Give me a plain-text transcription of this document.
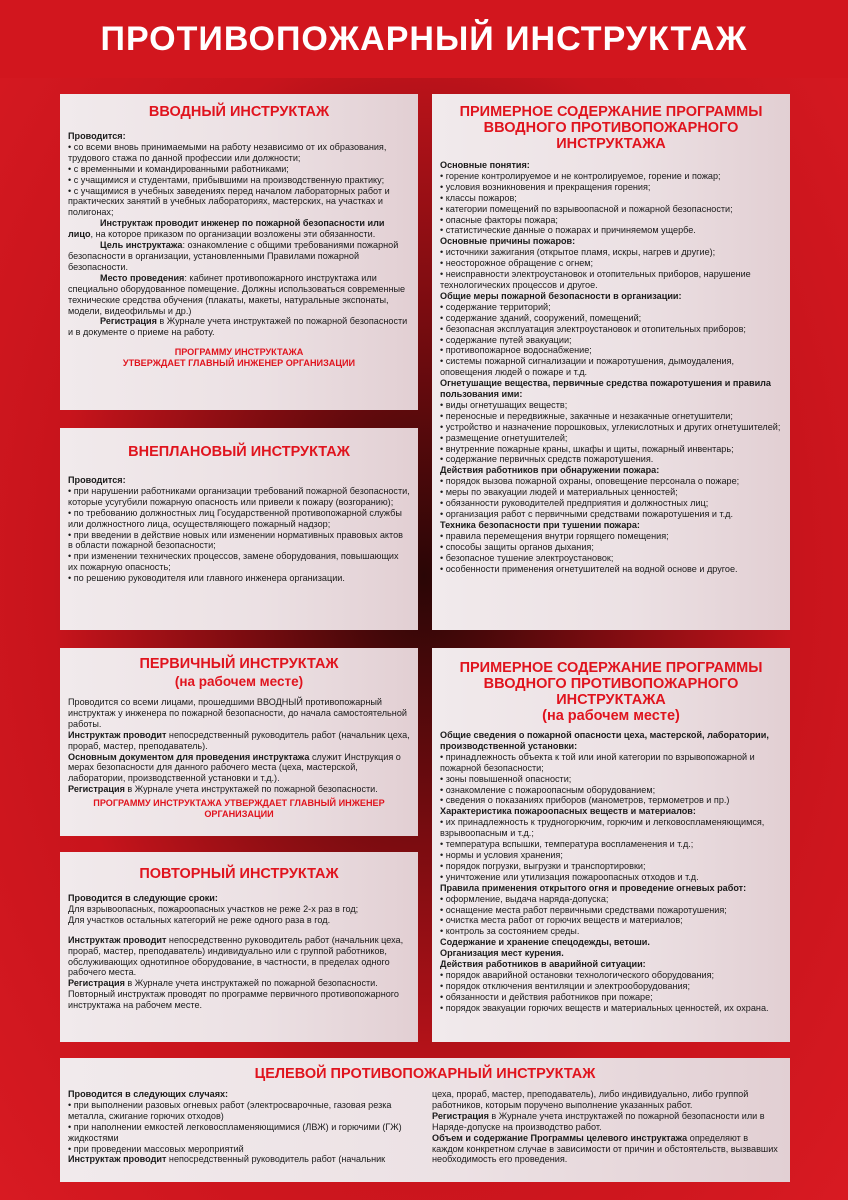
ПРОТИВОПОЖАРНЫЙ ИНСТРУКТАЖ
ВВОДНЫЙ ИНСТРУКТАЖ

Проводится:

• со всеми вновь принимаемыми на работу независимо от их образования, трудового стажа по данной профессии или должности;

• с временными и командированными работниками;

• с учащимися и студентами, прибывшими на производственную практику;

• с учащимися в учебных заведениях перед началом лабораторных работ и практических занятий в учебных лабораториях, мастерских, на участках и полигонах;

Инструктаж проводит инженер по пожарной безопасности или лицо, на которое приказом по организации возложены эти обязанности.

Цель инструктажа: ознакомление с общими требованиями пожарной безопасности в организации, установленными Правилами пожарной безопасности.

Место проведения: кабинет противопожарного инструктажа или специально оборудованное помещение. Должны использоваться современные технические средства обучения (плакаты, макеты, натуральные экспонаты, модели, видеофильмы и др.)

Регистрация в Журнале учета инструктажей по пожарной безопасности и в документе о приеме на работу.

ПРОГРАММУ ИНСТРУКТАЖА

УТВЕРЖДАЕТ ГЛАВНЫЙ ИНЖЕНЕР ОРГАНИЗАЦИИ

ВНЕПЛАНОВЫЙ ИНСТРУКТАЖ

Проводится:

• при нарушении работниками организации требований пожарной безопасности, которые усугубили пожарную опасность или привели к пожару (возгоранию);

• по требованию должностных лиц Государственной противопожарной службы или должностного лица, осуществляющего пожарный надзор;

• при введении в действие новых или изменении нормативных правовых актов в области пожарной безопасности;

• при изменении технических процессов, замене оборудования, повышающих их пожарную опасность;

• по решению руководителя или главного инженера организации.

ПЕРВИЧНЫЙ ИНСТРУКТАЖ
(на рабочем месте)

Проводится со всеми лицами, прошедшими ВВОДНЫЙ противопожарный инструктаж у инженера по пожарной безопасности, до начала самостоятельной работы.

Инструктаж проводит непосредственный руководитель работ (начальник цеха, прораб, мастер, преподаватель).

Основным документом для проведения инструктажа служит Инструкция о мерах безопасности для данного рабочего места (цеха, мастерской, лаборатории, производственной установки и т.д.).

Регистрация в Журнале учета инструктажей по пожарной безопасности.

ПРОГРАММУ ИНСТРУКТАЖА УТВЕРЖДАЕТ ГЛАВНЫЙ ИНЖЕНЕР

ОРГАНИЗАЦИИ

ПОВТОРНЫЙ ИНСТРУКТАЖ

Проводится в следующие сроки:

Для взрывоопасных, пожароопасных участков не реже 2-х раз в год;

Для участков остальных категорий не реже одного раза в год.

Инструктаж проводит непосредственно руководитель работ (начальник цеха, прораб, мастер, преподаватель) индивидуально или с группой работников, обслуживающих однотипное оборудование, в частности, в пределах одного рабочего места.

Регистрация в Журнале учета инструктажей по пожарной безопасности.

Повторный инструктаж проводят по программе первичного противопожарного инструктажа на рабочем месте.

ПРИМЕРНОЕ СОДЕРЖАНИЕ ПРОГРАММЫ
ВВОДНОГО ПРОТИВОПОЖАРНОГО ИНСТРУКТАЖА

Основные понятия:

• горение контролируемое и не контролируемое, горение и пожар;

• условия возникновения и прекращения горения;

• классы пожаров;

• категории помещений по взрывоопасной и пожарной безопасности;

• опасные факторы пожара;

• статистические данные о пожарах и причиняемом ущербе.

Основные причины пожаров:

• источники зажигания (открытое пламя, искры, нагрев и другие);

• неосторожное обращение с огнем;

• неисправности электроустановок и отопительных приборов, нарушение технологических процессов и другое.

Общие меры пожарной безопасности в организации:

• содержание территорий;

• содержание зданий, сооружений, помещений;

• безопасная эксплуатация электроустановок и отопительных приборов;

• содержание путей эвакуации;

• противопожарное водоснабжение;

• системы пожарной сигнализации и пожаротушения, дымоудаления, оповещения людей о пожаре и т.д.

Огнетушащие вещества, первичные средства пожаротушения и правила пользования ими:

• виды огнетушащих веществ;

• переносные и передвижные, закачные и незакачные огнетушители;

• устройство и назначение порошковых, углекислотных и других огнетушителей;

• размещение огнетушителей;

• внутренние пожарные краны, шкафы и щиты, пожарный инвентарь;

• содержание первичных средств пожаротушения.

Действия работников при обнаружении пожара:

• порядок вызова пожарной охраны, оповещение персонала о пожаре;

• меры по эвакуации людей и материальных ценностей;

• обязанности руководителей предприятия и должностных лиц;

• организация работ с первичными средствами пожаротушения и т.д.

Техника безопасности при тушении пожара:

• правила перемещения внутри горящего помещения;

• способы защиты органов дыхания;

• безопасное тушение электроустановок;

• особенности применения огнетушителей на водной основе и другое.

ПРИМЕРНОЕ СОДЕРЖАНИЕ ПРОГРАММЫ
ВВОДНОГО ПРОТИВОПОЖАРНОГО ИНСТРУКТАЖА
(на рабочем месте)

Общие сведения о пожарной опасности цеха, мастерской, лаборатории, производственной установки:

• принадлежность объекта к той или иной категории по взрывопожарной и пожарной безопасности;

• зоны повышенной опасности;

• ознакомление с пожароопасным оборудованием;

• сведения о показаниях приборов (манометров, термометров и пр.)

Характеристика пожароопасных веществ и материалов:

• их принадлежность к трудногорючим, горючим и легковоспламеняющимся, взрывоопасным и т.д.;

• температура вспышки, температура воспламенения и т.д.;

• нормы и условия хранения;

• порядок погрузки, выгрузки и транспортировки;

• уничтожение или утилизация пожароопасных отходов и т.д.

Правила применения открытого огня и проведение огневых работ:

• оформление, выдача наряда-допуска;

• оснащение места работ первичными средствами пожаротушения;

• очистка места работ от горючих веществ и материалов;

• контроль за состоянием среды.

Содержание и хранение спецодежды, ветоши.

Организация мест курения.

Действия работников в аварийной ситуации:

• порядок аварийной остановки технологического оборудования;

• порядок отключения вентиляции и электрооборудования;

• обязанности и действия работников при пожаре;

• порядок эвакуации горючих веществ и материальных ценностей, их охрана.

ЦЕЛЕВОЙ ПРОТИВОПОЖАРНЫЙ ИНСТРУКТАЖ

Проводится в следующих случаях:

• при выполнении разовых огневых работ (электросварочные, газовая резка металла, сжигание горючих отходов)

• при наполнении емкостей легковоспламеняющимися (ЛВЖ) и горючими (ГЖ) жидкостями

• при проведении массовых мероприятий

Инструктаж проводит непосредственный руководитель работ (начальник

цеха, прораб, мастер, преподаватель), либо индивидуально, либо группой работников, которым поручено выполнение указанных работ.

Регистрация в Журнале учета инструктажей по пожарной безопасности или в Наряде-допуске на производство работ.

Объем и содержание Программы целевого инструктажа определяют в каждом конкретном случае в зависимости от причин и обстоятельств, вызвавших необходимость его проведения.
